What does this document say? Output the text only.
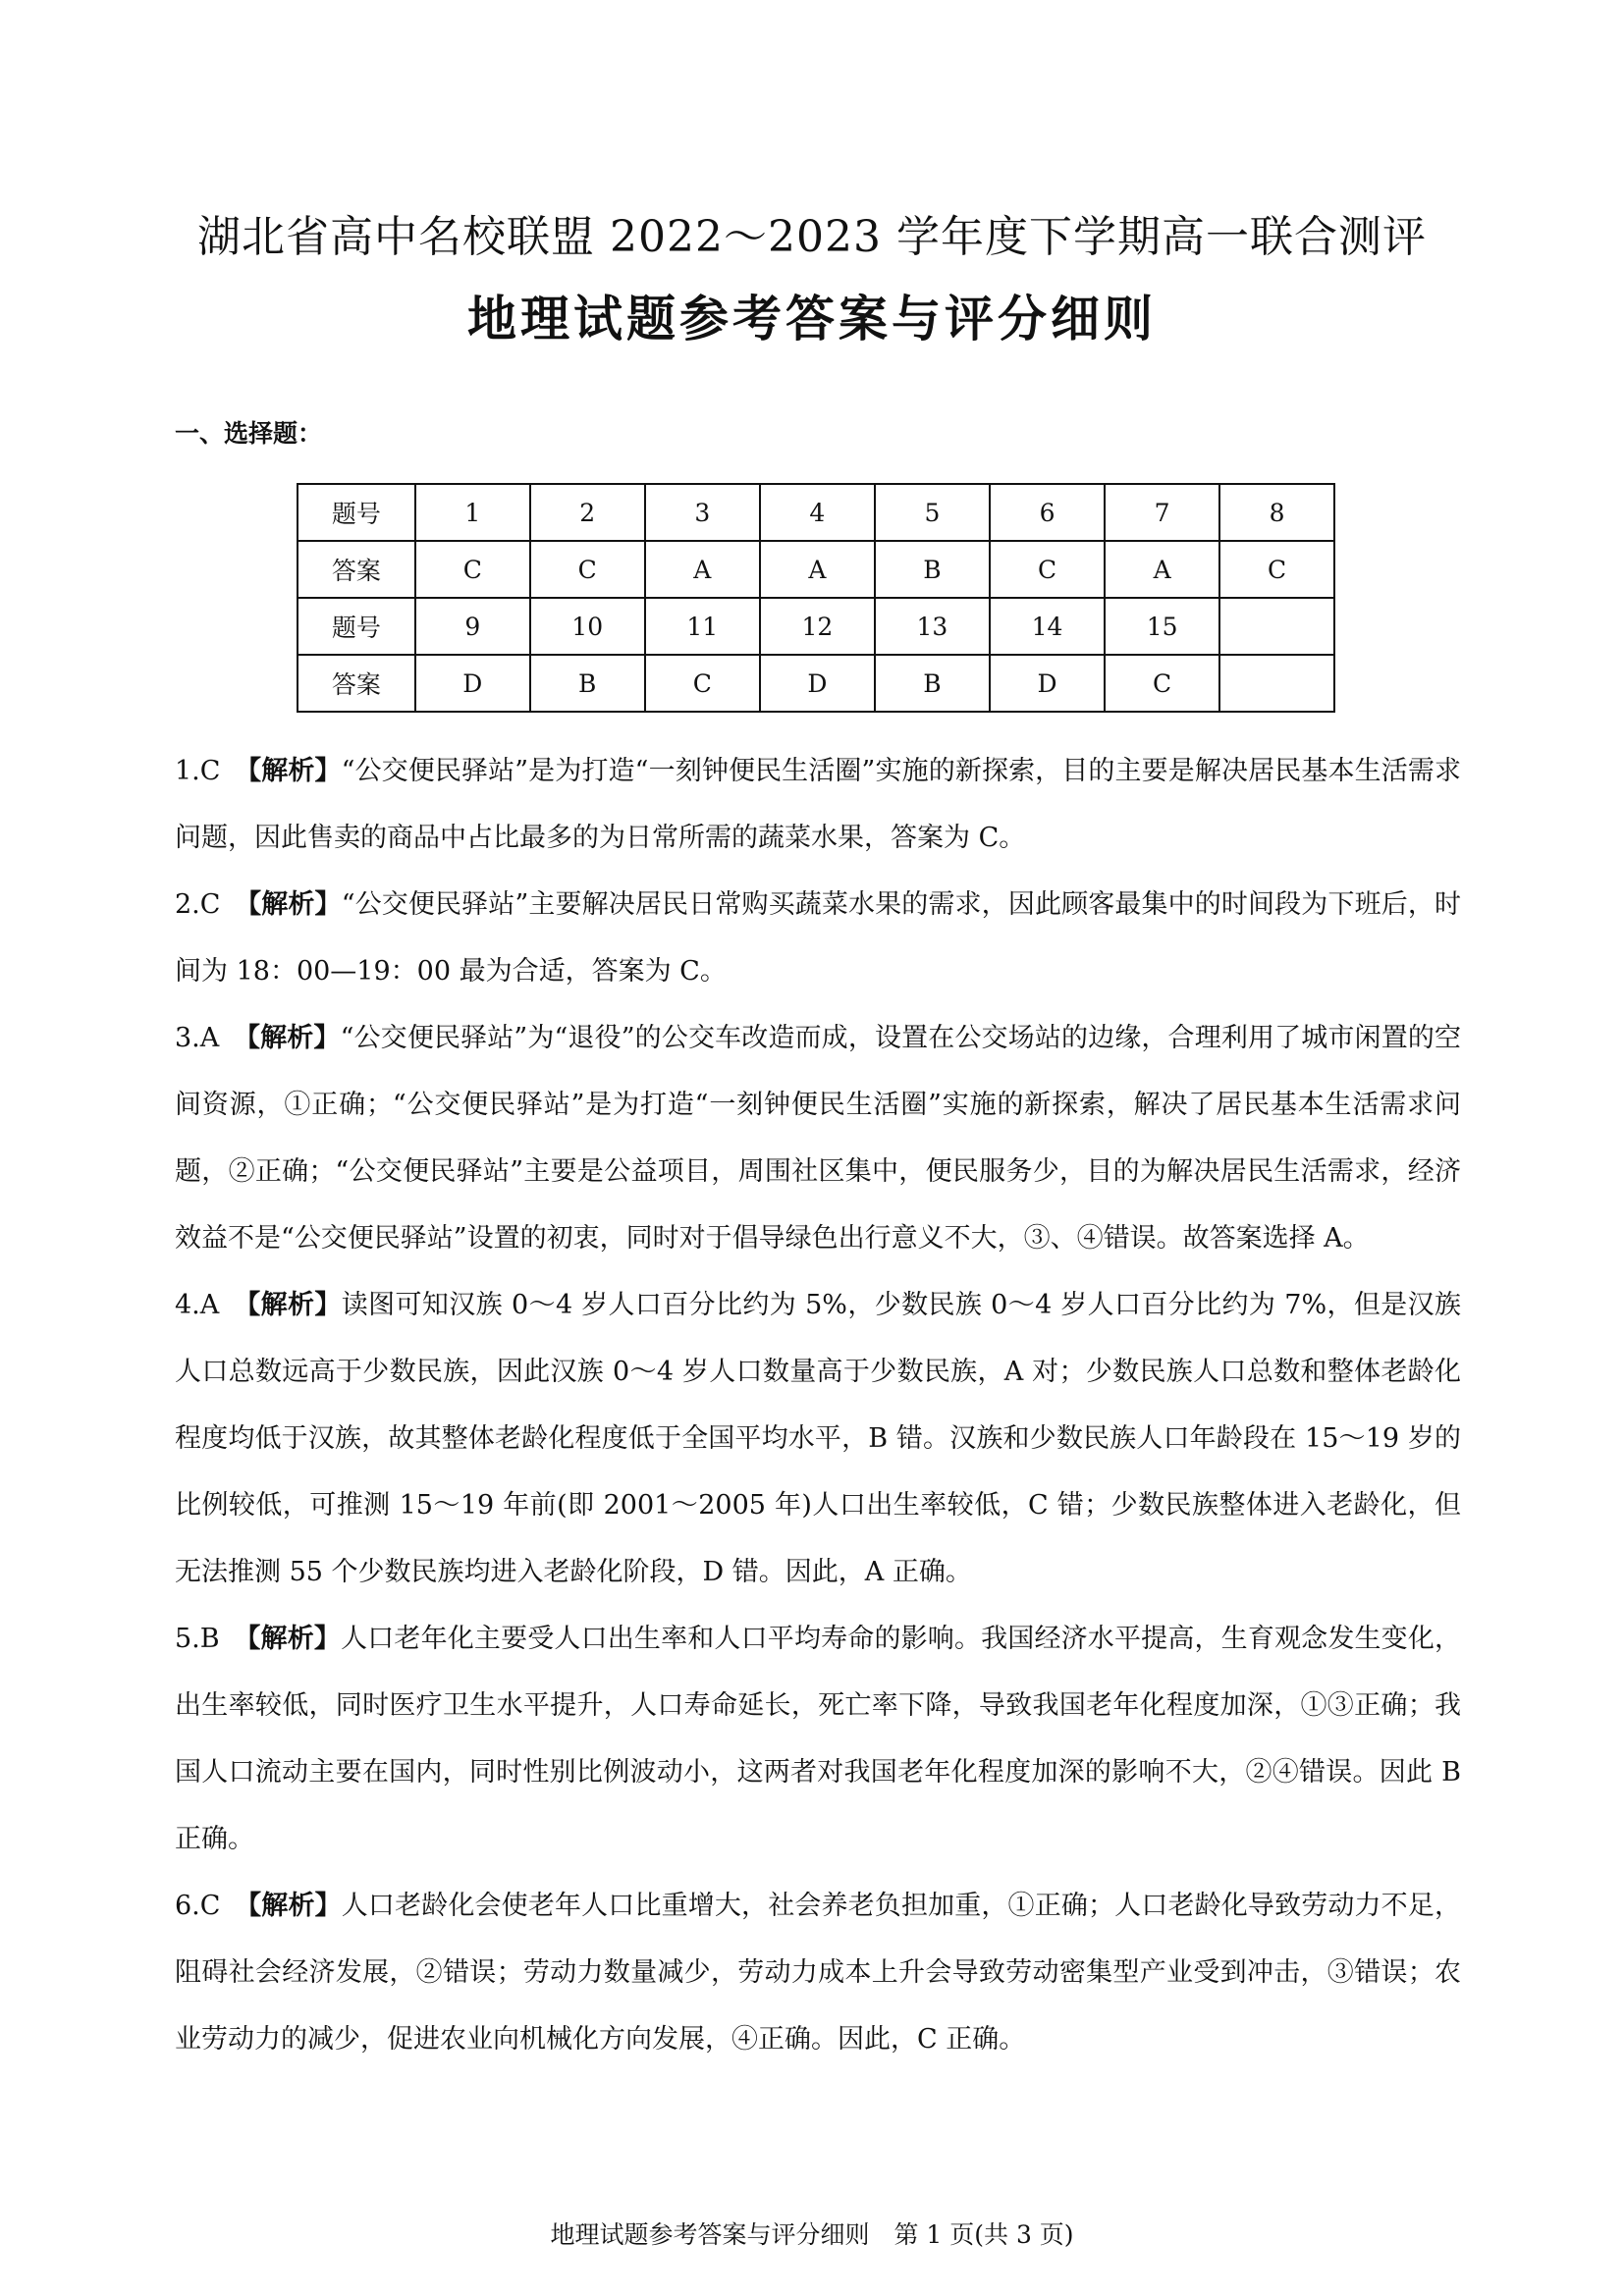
湖北省高中名校联盟 2022～2023 学年度下学期高一联合测评
地理试题参考答案与评分细则
一、选择题：
题号	1	2	3	4	5	6	7	8
答案	C	C	A	A	B	C	A	C
题号	9	10	11	12	13	14	15	
答案	D	B	C	D	B	D	C	
1.C 【解析】“公交便民驿站”是为打造“一刻钟便民生活圈”实施的新探索，目的主要是解决居民基本生活需求问题，因此售卖的商品中占比最多的为日常所需的蔬菜水果，答案为 C。
2.C 【解析】“公交便民驿站”主要解决居民日常购买蔬菜水果的需求，因此顾客最集中的时间段为下班后，时间为 18：00—19：00 最为合适，答案为 C。
3.A 【解析】“公交便民驿站”为“退役”的公交车改造而成，设置在公交场站的边缘，合理利用了城市闲置的空间资源，①正确；“公交便民驿站”是为打造“一刻钟便民生活圈”实施的新探索，解决了居民基本生活需求问题，②正确；“公交便民驿站”主要是公益项目，周围社区集中，便民服务少，目的为解决居民生活需求，经济效益不是“公交便民驿站”设置的初衷，同时对于倡导绿色出行意义不大，③、④错误。故答案选择 A。
4.A 【解析】读图可知汉族 0～4 岁人口百分比约为 5%，少数民族 0～4 岁人口百分比约为 7%，但是汉族人口总数远高于少数民族，因此汉族 0～4 岁人口数量高于少数民族，A 对；少数民族人口总数和整体老龄化程度均低于汉族，故其整体老龄化程度低于全国平均水平，B 错。汉族和少数民族人口年龄段在 15～19 岁的比例较低，可推测 15～19 年前(即 2001～2005 年)人口出生率较低，C 错；少数民族整体进入老龄化，但无法推测 55 个少数民族均进入老龄化阶段，D 错。因此，A 正确。
5.B 【解析】人口老年化主要受人口出生率和人口平均寿命的影响。我国经济水平提高，生育观念发生变化，出生率较低，同时医疗卫生水平提升，人口寿命延长，死亡率下降，导致我国老年化程度加深，①③正确；我国人口流动主要在国内，同时性别比例波动小，这两者对我国老年化程度加深的影响不大，②④错误。因此 B 正确。
6.C 【解析】人口老龄化会使老年人口比重增大，社会养老负担加重，①正确；人口老龄化导致劳动力不足，阻碍社会经济发展，②错误；劳动力数量减少，劳动力成本上升会导致劳动密集型产业受到冲击，③错误；农业劳动力的减少，促进农业向机械化方向发展，④正确。因此，C 正确。
地理试题参考答案与评分细则　第 1 页(共 3 页)
